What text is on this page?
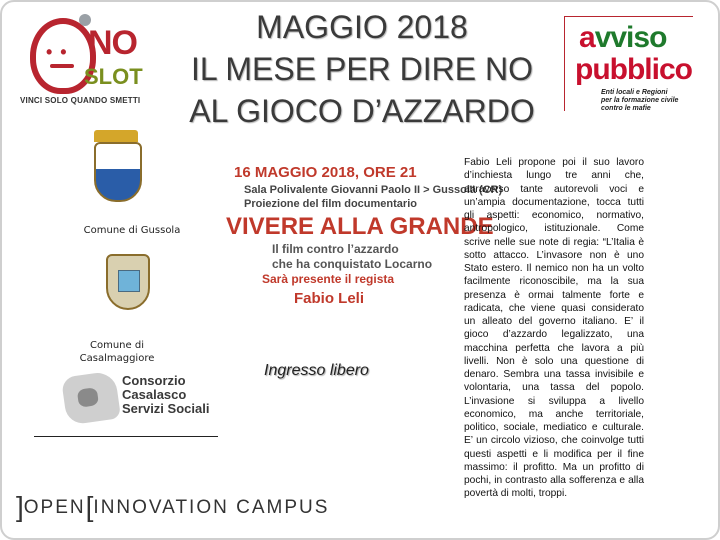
•• NO
SLOT
VINCI SOLO QUANDO SMETTI
MAGGIO 2018
IL MESE PER DIRE NO
AL GIOCO D’AZZARDO
avviso
pubblico
Enti locali e Regioni
per la formazione civile
contro le mafie
Comune di Gussola
Comune di Casalmaggiore
Consorzio
Casalasco
Servizi Sociali
16 MAGGIO 2018, ORE 21
Sala Polivalente Giovanni Paolo II > Gussola (CR)
Proiezione del film documentario
VIVERE ALLA GRANDE
Il film contro l’azzardo
che ha conquistato Locarno
Sarà presente il regista
Fabio Leli
Ingresso libero
]OPEN[INNOVATION CAMPUS
Fabio Leli propone poi il suo lavoro d’inchiesta lungo tre anni che, attraverso tante autorevoli voci e un’ampia documentazione, tocca tutti gli aspetti: economico, normativo, antropologico, istituzionale. Come scrive nelle sue note di regia: “L’Italia è sotto attacco. L’invasore non è uno Stato estero. Il nemico non ha un volto facilmente riconoscibile, ma la sua presenza è ormai talmente forte e radicata, che viene quasi considerato un alleato del governo italiano. E’ il gioco d’azzardo legalizzato, una macchina perfetta che lavora a più livelli. Non è solo una questione di denaro. Sembra una tassa invisibile e volontaria, una tassa del popolo. L’invasione si sviluppa a livello economico, ma anche territoriale, politico, sociale, mediatico e culturale. E’ un circolo vizioso, che coinvolge tutti questi aspetti e li modifica per il fine massimo: il profitto. Ma un profitto di pochi, in contrasto alla sofferenza e alla povertà di molti, troppi.
